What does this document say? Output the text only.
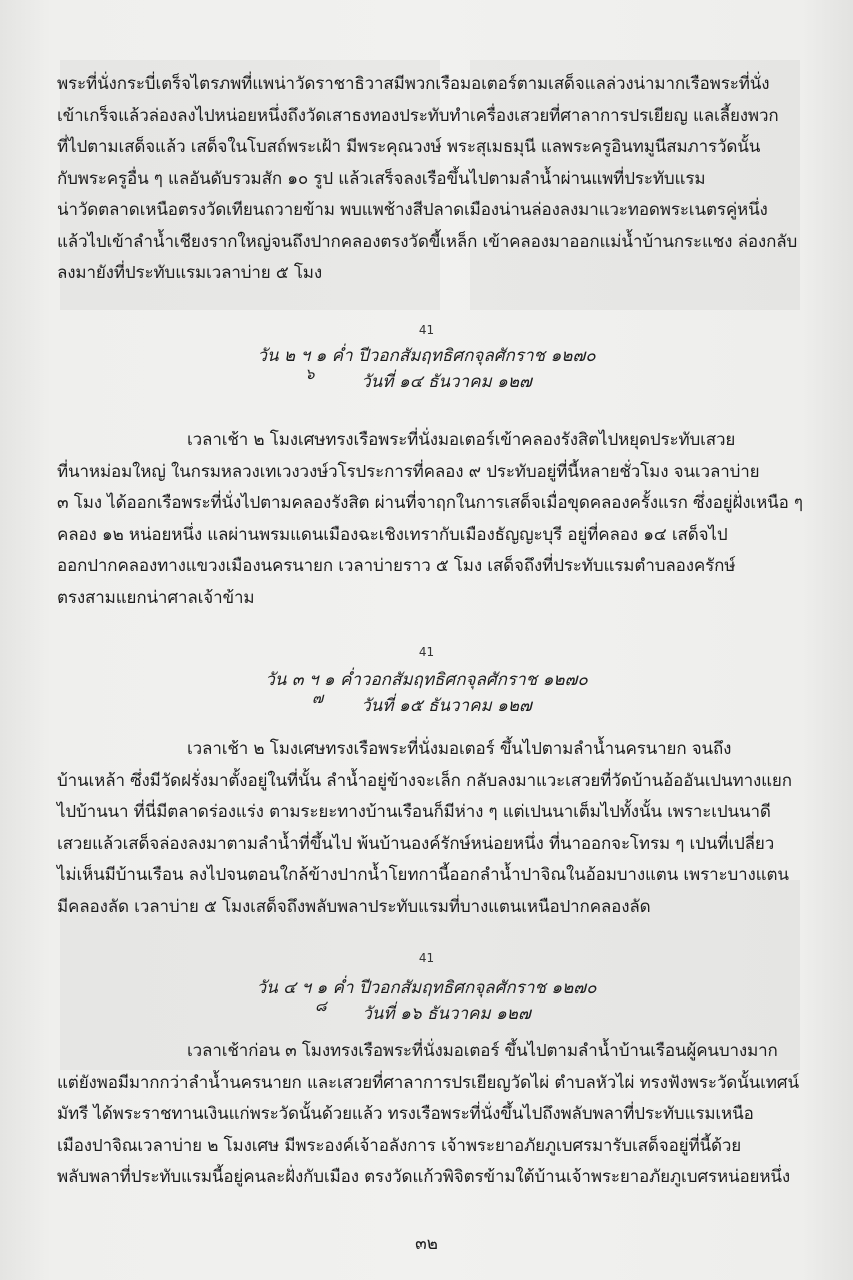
พระที่นั่งกระบี่เตร็จไตรภพที่แพน่าวัดราชาธิวาสมีพวกเรือมอเตอร์ตามเสด็จแลล่วงน่ามากเรือพระที่นั่ง
เข้าเกร็จแล้วล่องลงไปหน่อยหนึ่งถึงวัดเสาธงทองประทับทำเครื่องเสวยที่ศาลาการปรเยียญ แลเลี้ยงพวก
ที่ไปตามเสด็จแล้ว เสด็จในโบสถ์พระเฝ้า มีพระคุณวงษ์ พระสุเมธมุนี แลพระครูอินทมูนีสมภารวัดนั้น
กับพระครูอื่น ๆ แลอันดับรวมสัก ๑๐ รูป แล้วเสร็จลงเรือขึ้นไปตามลำน้ำผ่านแพที่ประทับแรม
น่าวัดตลาดเหนือตรงวัดเทียนถวายข้าม พบแพช้างสีปลาดเมืองน่านล่องลงมาแวะทอดพระเนตรคู่หนึ่ง
แล้วไปเข้าลำน้ำเชียงรากใหญ่จนถึงปากคลองตรงวัดขี้เหล็ก เข้าคลองมาออกแม่น้ำบ้านกระแชง ล่องกลับ
ลงมายังที่ประทับแรมเวลาบ่าย ๕ โมง
41
วัน ๒ ฯ ๑ ค่ำ ปีวอกสัมฤทธิศกจุลศักราช ๑๒๗๐
วันที่ ๑๔ ธันวาคม ๑๒๗
๖
เวลาเช้า ๒ โมงเศษทรงเรือพระที่นั่งมอเตอร์เข้าคลองรังสิตไปหยุดประทับเสวย
ที่นาหม่อมใหญ่ ในกรมหลวงเทเวงวงษ์วโรประการที่คลอง ๙ ประทับอยู่ที่นี้หลายชั่วโมง จนเวลาบ่าย
๓ โมง ได้ออกเรือพระที่นั่งไปตามคลองรังสิต ผ่านที่จาฤกในการเสด็จเมื่อขุดคลองครั้งแรก ซึ่งอยู่ฝั่งเหนือ ๆ
คลอง ๑๒ หน่อยหนึ่ง แลผ่านพรมแดนเมืองฉะเชิงเทรากับเมืองธัญญะบุรี อยู่ที่คลอง ๑๔ เสด็จไป
ออกปากคลองทางแขวงเมืองนครนายก เวลาบ่ายราว ๕ โมง เสด็จถึงที่ประทับแรมตำบลองครักษ์
ตรงสามแยกน่าศาลเจ้าข้าม
41
วัน ๓ ฯ ๑ ค่ำวอกสัมฤทธิศกจุลศักราช ๑๒๗๐
วันที่ ๑๕ ธันวาคม ๑๒๗
๗
เวลาเช้า ๒ โมงเศษทรงเรือพระที่นั่งมอเตอร์ ขึ้นไปตามลำน้ำนครนายก จนถึง
บ้านเหล้า ซึ่งมีวัดฝรั่งมาตั้งอยู่ในที่นั้น ลำน้ำอยู่ข้างจะเล็ก กลับลงมาแวะเสวยที่วัดบ้านอ้ออันเปนทางแยก
ไปบ้านนา ที่นี่มีตลาดร่องแร่ง ตามระยะทางบ้านเรือนก็มีห่าง ๆ แต่เปนนาเต็มไปทั้งนั้น เพราะเปนนาดี
เสวยแล้วเสด็จล่องลงมาตามลำน้ำที่ขึ้นไป พ้นบ้านองค์รักษ์หน่อยหนึ่ง ที่นาออกจะโทรม ๆ เปนที่เปลี่ยว
ไม่เห็นมีบ้านเรือน ลงไปจนตอนใกล้ข้างปากน้ำโยทกานี้ออกลำน้ำปาจิณในอ้อมบางแตน เพราะบางแตน
มีคลองลัด เวลาบ่าย ๕ โมงเสด็จถึงพลับพลาประทับแรมที่บางแตนเหนือปากคลองลัด
41
วัน ๔ ฯ ๑ ค่ำ ปีวอกสัมฤทธิศกจุลศักราช ๑๒๗๐
วันที่ ๑๖ ธันวาคม ๑๒๗
๘
เวลาเช้าก่อน ๓ โมงทรงเรือพระที่นั่งมอเตอร์ ขึ้นไปตามลำน้ำบ้านเรือนผู้คนบางมาก
แต่ยังพอมีมากกว่าลำน้ำนครนายก และเสวยที่ศาลาการปรเยียญวัดไผ่ ตำบลหัวไผ่ ทรงฟังพระวัดนั้นเทศน์
มัทรี ได้พระราชทานเงินแก่พระวัดนั้นด้วยแล้ว ทรงเรือพระที่นั่งขึ้นไปถึงพลับพลาที่ประทับแรมเหนือ
เมืองปาจิณเวลาบ่าย ๒ โมงเศษ มีพระองค์เจ้าอลังการ เจ้าพระยาอภัยภูเบศรมารับเสด็จอยู่ที่นี้ด้วย
พลับพลาที่ประทับแรมนี้อยู่คนละฝั่งกับเมือง ตรงวัดแก้วพิจิตรข้ามใต้บ้านเจ้าพระยาอภัยภูเบศรหน่อยหนึ่ง
๓๒
